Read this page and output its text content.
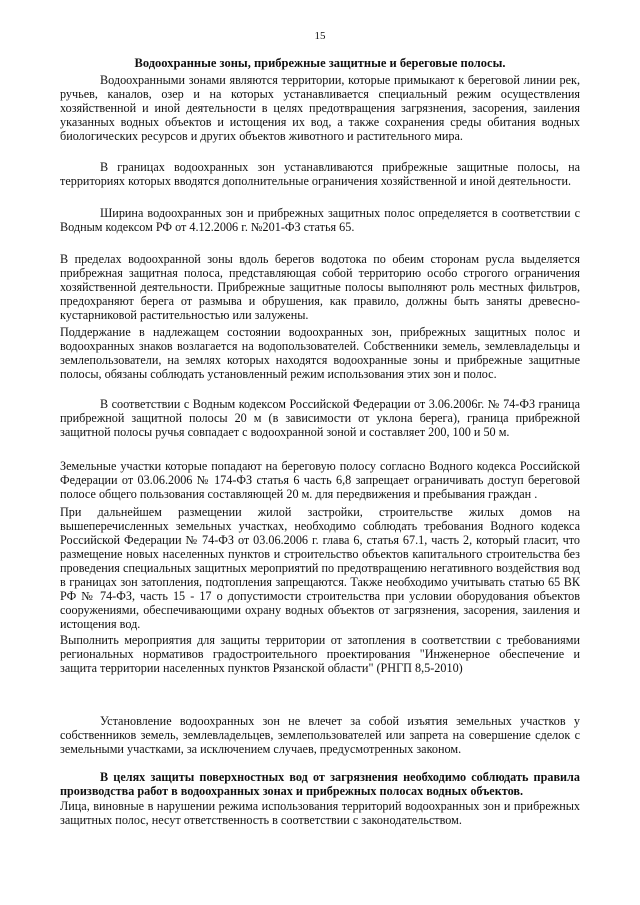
15
Водоохранные зоны, прибрежные защитные и береговые полосы.

Водоохранными зонами являются территории, которые примыкают к береговой линии рек, ручьев, каналов, озер и на которых устанавливается специальный режим осуществления хозяйственной и иной деятельности в целях предотвращения загрязнения, засорения, заиления указанных водных объектов и истощения их вод, а также сохранения среды обитания водных биологических ресурсов и других объектов животного и растительного мира.

В границах водоохранных зон устанавливаются прибрежные защитные полосы, на территориях которых вводятся дополнительные ограничения хозяйственной и иной деятельности.

Ширина водоохранных зон и прибрежных защитных полос определяется в соответствии с Водным кодексом РФ от 4.12.2006 г. №201-ФЗ статья 65.

В пределах водоохранной зоны вдоль берегов водотока по обеим сторонам русла выделяется прибрежная защитная полоса, представляющая собой территорию особо строгого ограничения хозяйственной деятельности. Прибрежные защитные полосы выполняют роль местных фильтров, предохраняют берега от размыва и обрушения, как правило, должны быть заняты древесно-кустарниковой растительностью или залужены.

Поддержание в надлежащем состоянии водоохранных зон, прибрежных защитных полос и водоохранных знаков возлагается на водопользователей. Собственники земель, землевладельцы и землепользователи, на землях которых находятся водоохранные зоны и прибрежные защитные полосы, обязаны соблюдать установленный режим использования этих зон и полос.

В соответствии с Водным кодексом Российской Федерации от 3.06.2006г. № 74-ФЗ граница прибрежной защитной полосы 20 м (в зависимости от уклона берега), граница прибрежной защитной полосы ручья совпадает с водоохранной зоной и составляет 200, 100 и 50 м.

Земельные участки которые попадают на береговую полосу согласно Водного кодекса Российской Федерации от 03.06.2006 № 174-ФЗ статья 6 часть 6,8 запрещает ограничивать доступ береговой полосе общего пользования составляющей 20 м. для передвижения и пребывания граждан .

При дальнейшем размещении жилой застройки, строительстве жилых домов на вышеперечисленных земельных участках, необходимо соблюдать требования Водного кодекса Российской Федерации № 74-ФЗ от 03.06.2006 г. глава 6, статья 67.1, часть 2, который гласит, что размещение новых населенных пунктов и строительство объектов капитального строительства без проведения специальных защитных мероприятий по предотвращению негативного воздействия вод в границах зон затопления, подтопления запрещаются. Также необходимо учитывать статью 65 ВК РФ № 74-ФЗ, часть 15 - 17 о допустимости строительства при условии оборудования объектов сооружениями, обеспечивающими охрану водных объектов от загрязнения, засорения, заиления и истощения вод.

Выполнить мероприятия для защиты территории от затопления в соответствии с требованиями региональных нормативов градостроительного проектирования "Инженерное обеспечение и защита территории населенных пунктов Рязанской области" (РНГП 8,5-2010)

Установление водоохранных зон не влечет за собой изъятия земельных участков у собственников земель, землевладельцев, землепользователей или запрета на совершение сделок с земельными участками, за исключением случаев, предусмотренных законом.

В целях защиты поверхностных вод от загрязнения необходимо соблюдать правила производства работ в водоохранных зонах и прибрежных полосах водных объектов.

Лица, виновные в нарушении режима использования территорий водоохранных зон и прибрежных защитных полос, несут ответственность в соответствии с законодательством.
